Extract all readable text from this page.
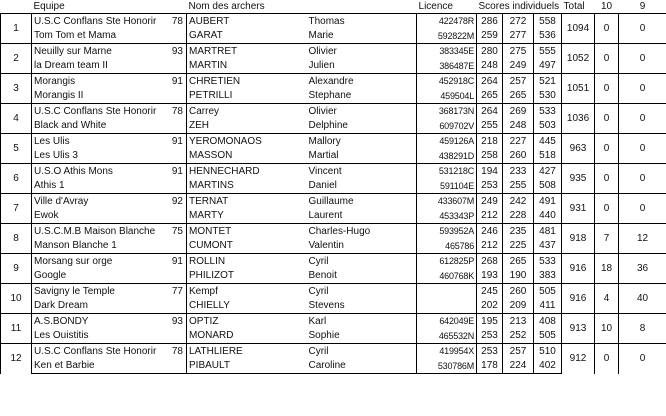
	Equipe	Nom des archers		Licence	Scores individuels			Total	10	9
1	U.S.C Conflans Ste Honorir 78	AUBERT	Thomas	422478R	286	272	558	1094	0	0
	Tom Tom et Mama	GARAT	Marie	592822M	259	277	536			
2	Neuilly sur Marne 93	MARTRET	Olivier	383345E	280	275	555	1052	0	0
	la Dream team II	MARTIN	Julien	386487E	248	249	497			
3	Morangis 91	CHRETIEN	Alexandre	452918C	264	257	521	1051	0	0
	Morangis II	PETRILLI	Stephane	459504L	265	265	530			
4	U.S.C Conflans Ste Honorir 78	Carrey	Olivier	368173N	264	269	533	1036	0	0
	Black and White	ZEH	Delphine	609702V	255	248	503			
5	Les Ulis 91	YEROMONAOS	Mallory	459126A	218	227	445	963	0	0
	Les Ulis 3	MASSON	Martial	438291D	258	260	518			
6	U.S.O Athis Mons 91	HENNECHARD	Vincent	531218C	194	233	427	935	0	0
	Athis 1	MARTINS	Daniel	591104E	253	255	508			
7	Ville d'Avray 92	TERNAT	Guillaume	433607M	249	242	491	931	0	0
	Ewok	MARTY	Laurent	453343P	212	228	440			
8	U.S.C.M.B Maison Blanche 75	MONTET	Charles-Hugo	593952A	246	235	481	918	7	12
	Manson Blanche 1	CUMONT	Valentin	465786	212	225	437			
9	Morsang sur orge 91	ROLLIN	Cyril	612825P	268	265	533	916	18	36
	Google	PHILIZOT	Benoit	460768K	193	190	383			
10	Savigny le Temple 77	Kempf	Cyril		245	260	505	916	4	40
	Dark Dream	CHIELLY	Stevens		202	209	411			
11	A.S.BONDY 93	OPTIZ	Karl	642049E	195	213	408	913	10	8
	Les Ouistitis	MONARD	Sophie	465532N	253	252	505			
12	U.S.C Conflans Ste Honorir 78	LATHLIERE	Cyril	419954X	253	257	510	912	0	0
	Ken et Barbie	PIBAULT	Caroline	530786M	178	224	402			
